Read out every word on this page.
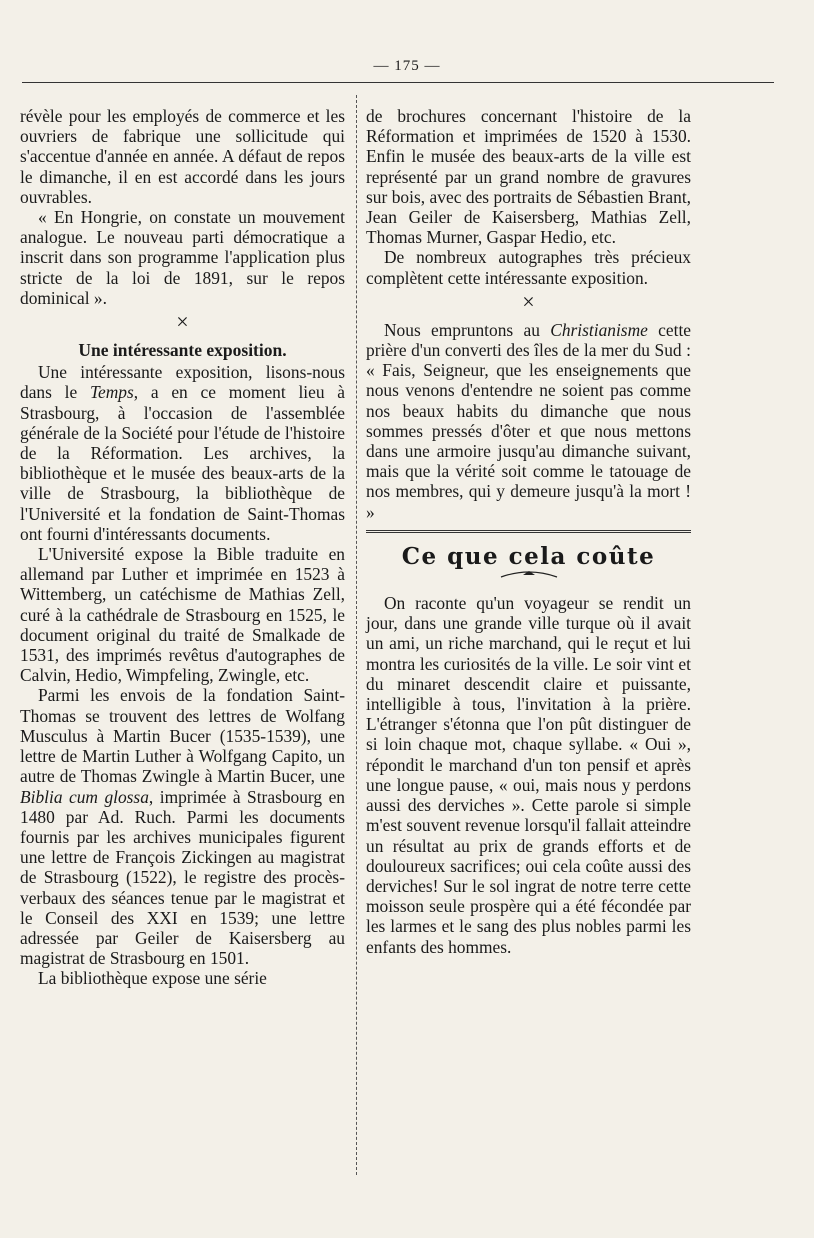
— 175 —

révèle pour les employés de commerce et les ouvriers de fabrique une sollicitude qui s'accentue d'année en année. A défaut de repos le dimanche, il en est accordé dans les jours ouvrables.

« En Hongrie, on constate un mouvement analogue. Le nouveau parti démocratique a inscrit dans son programme l'application plus stricte de la loi de 1891, sur le repos dominical ».

×
Une intéressante exposition.

Une intéressante exposition, lisons-nous dans le Temps, a en ce moment lieu à Strasbourg, à l'occasion de l'assemblée générale de la Société pour l'étude de l'histoire de la Réformation. Les archives, la bibliothèque et le musée des beaux-arts de la ville de Strasbourg, la bibliothèque de l'Université et la fondation de Saint-Thomas ont fourni d'intéressants documents.

L'Université expose la Bible traduite en allemand par Luther et imprimée en 1523 à Wittemberg, un catéchisme de Mathias Zell, curé à la cathédrale de Strasbourg en 1525, le document original du traité de Smalkade de 1531, des imprimés revêtus d'autographes de Calvin, Hedio, Wimpfeling, Zwingle, etc.

Parmi les envois de la fondation Saint-Thomas se trouvent des lettres de Wolfang Musculus à Martin Bucer (1535-1539), une lettre de Martin Luther à Wolfgang Capito, un autre de Thomas Zwingle à Martin Bucer, une Biblia cum glossa, imprimée à Strasbourg en 1480 par Ad. Ruch. Parmi les documents fournis par les archives municipales figurent une lettre de François Zickingen au magistrat de Strasbourg (1522), le registre des procès-verbaux des séances tenue par le magistrat et le Conseil des XXI en 1539; une lettre adressée par Geiler de Kaisersberg au magistrat de Strasbourg en 1501.

La bibliothèque expose une série

de brochures concernant l'histoire de la Réformation et imprimées de 1520 à 1530. Enfin le musée des beaux-arts de la ville est représenté par un grand nombre de gravures sur bois, avec des portraits de Sébastien Brant, Jean Geiler de Kaisersberg, Mathias Zell, Thomas Murner, Gaspar Hedio, etc.

De nombreux autographes très précieux complètent cette intéressante exposition.

×

Nous empruntons au Christianisme cette prière d'un converti des îles de la mer du Sud : « Fais, Seigneur, que les enseignements que nous venons d'entendre ne soient pas comme nos beaux habits du dimanche que nous sommes pressés d'ôter et que nous mettons dans une armoire jusqu'au dimanche suivant, mais que la vérité soit comme le tatouage de nos membres, qui y demeure jusqu'à la mort ! »

Ce que cela coûte

On raconte qu'un voyageur se rendit un jour, dans une grande ville turque où il avait un ami, un riche marchand, qui le reçut et lui montra les curiosités de la ville. Le soir vint et du minaret descendit claire et puissante, intelligible à tous, l'invitation à la prière. L'étranger s'étonna que l'on pût distinguer de si loin chaque mot, chaque syllabe. « Oui », répondit le marchand d'un ton pensif et après une longue pause, « oui, mais nous y perdons aussi des derviches ». Cette parole si simple m'est souvent revenue lorsqu'il fallait atteindre un résultat au prix de grands efforts et de douloureux sacrifices; oui cela coûte aussi des derviches! Sur le sol ingrat de notre terre cette moisson seule prospère qui a été fécondée par les larmes et le sang des plus nobles parmi les enfants des hommes.
